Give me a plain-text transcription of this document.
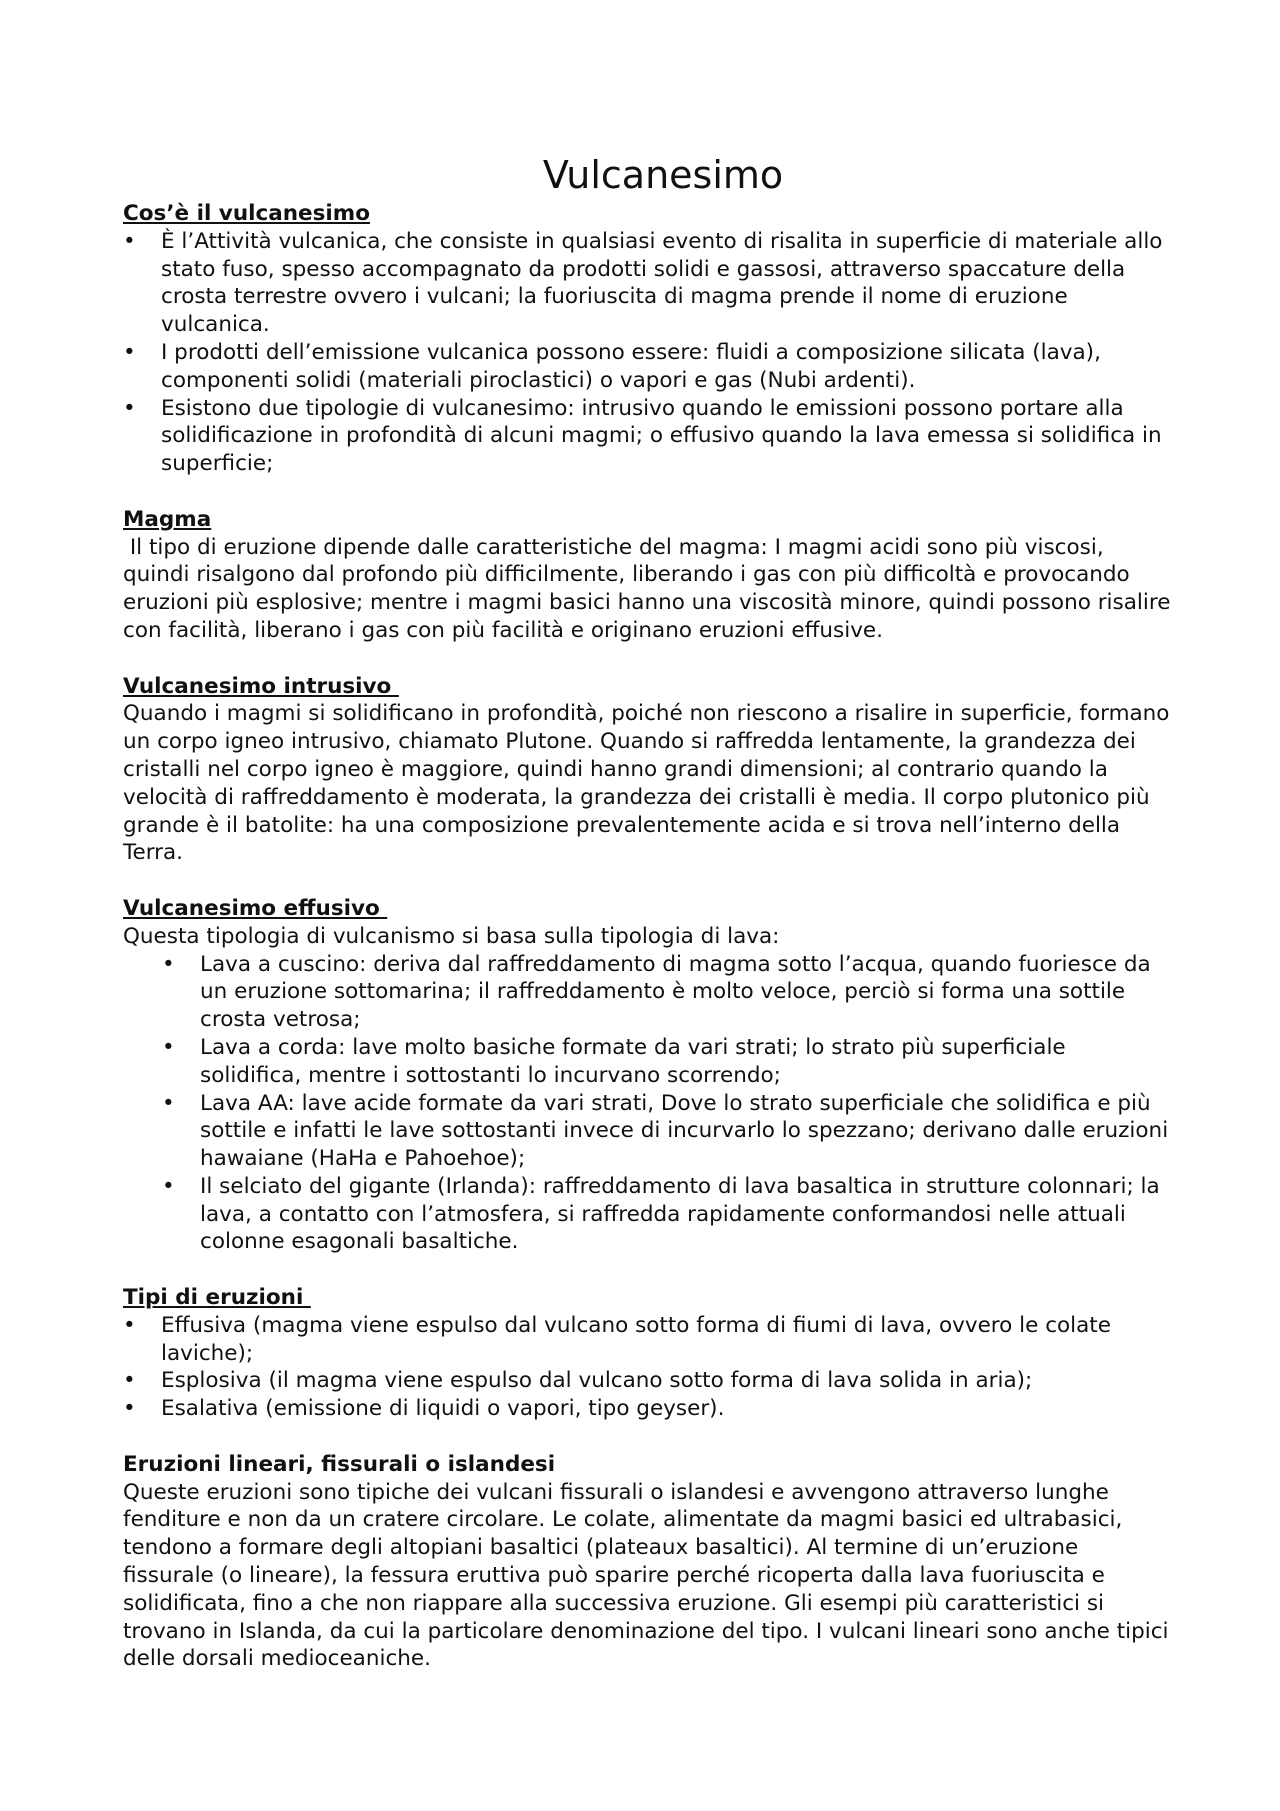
Vulcanesimo

Cos’è il vulcanesimo

• È l’Attività vulcanica, che consiste in qualsiasi evento di risalita in superficie di materiale allo stato fuso, spesso accompagnato da prodotti solidi e gassosi, attraverso spaccature della crosta terrestre ovvero i vulcani; la fuoriuscita di magma prende il nome di eruzione vulcanica.
• I prodotti dell’emissione vulcanica possono essere: fluidi a composizione silicata (lava), componenti solidi (materiali piroclastici) o vapori e gas (Nubi ardenti).
• Esistono due tipologie di vulcanesimo: intrusivo quando le emissioni possono portare alla solidificazione in profondità di alcuni magmi; o effusivo quando la lava emessa si solidifica in superficie;

Magma

Il tipo di eruzione dipende dalle caratteristiche del magma: I magmi acidi sono più viscosi, quindi risalgono dal profondo più difficilmente, liberando i gas con più difficoltà e provocando eruzioni più esplosive; mentre i magmi basici hanno una viscosità minore, quindi possono risalire con facilità, liberano i gas con più facilità e originano eruzioni effusive.

Vulcanesimo intrusivo

Quando i magmi si solidificano in profondità, poiché non riescono a risalire in superficie, formano un corpo igneo intrusivo, chiamato Plutone. Quando si raffredda lentamente, la grandezza dei cristalli nel corpo igneo è maggiore, quindi hanno grandi dimensioni; al contrario quando la velocità di raffreddamento è moderata, la grandezza dei cristalli è media. Il corpo plutonico più grande è il batolite: ha una composizione prevalentemente acida e si trova nell’interno della Terra.

Vulcanesimo effusivo

Questa tipologia di vulcanismo si basa sulla tipologia di lava:

• Lava a cuscino: deriva dal raffreddamento di magma sotto l’acqua, quando fuoriesce da un eruzione sottomarina; il raffreddamento è molto veloce, perciò si forma una sottile crosta vetrosa;
• Lava a corda: lave molto basiche formate da vari strati; lo strato più superficiale solidifica, mentre i sottostanti lo incurvano scorrendo;
• Lava AA: lave acide formate da vari strati, Dove lo strato superficiale che solidifica e più sottile e infatti le lave sottostanti invece di incurvarlo lo spezzano; derivano dalle eruzioni hawaiane (HaHa e Pahoehoe);
• Il selciato del gigante (Irlanda): raffreddamento di lava basaltica in strutture colonnari; la lava, a contatto con l’atmosfera, si raffredda rapidamente conformandosi nelle attuali colonne esagonali basaltiche.

Tipi di eruzioni

• Effusiva (magma viene espulso dal vulcano sotto forma di fiumi di lava, ovvero le colate laviche);
• Esplosiva (il magma viene espulso dal vulcano sotto forma di lava solida in aria);
• Esalativa (emissione di liquidi o vapori, tipo geyser).

Eruzioni lineari, fissurali o islandesi

Queste eruzioni sono tipiche dei vulcani fissurali o islandesi e avvengono attraverso lunghe fenditure e non da un cratere circolare. Le colate, alimentate da magmi basici ed ultrabasici, tendono a formare degli altopiani basaltici (plateaux basaltici). Al termine di un’eruzione fissurale (o lineare), la fessura eruttiva può sparire perché ricoperta dalla lava fuoriuscita e solidificata, fino a che non riappare alla successiva eruzione. Gli esempi più caratteristici si trovano in Islanda, da cui la particolare denominazione del tipo. I vulcani lineari sono anche tipici delle dorsali medioceaniche.
